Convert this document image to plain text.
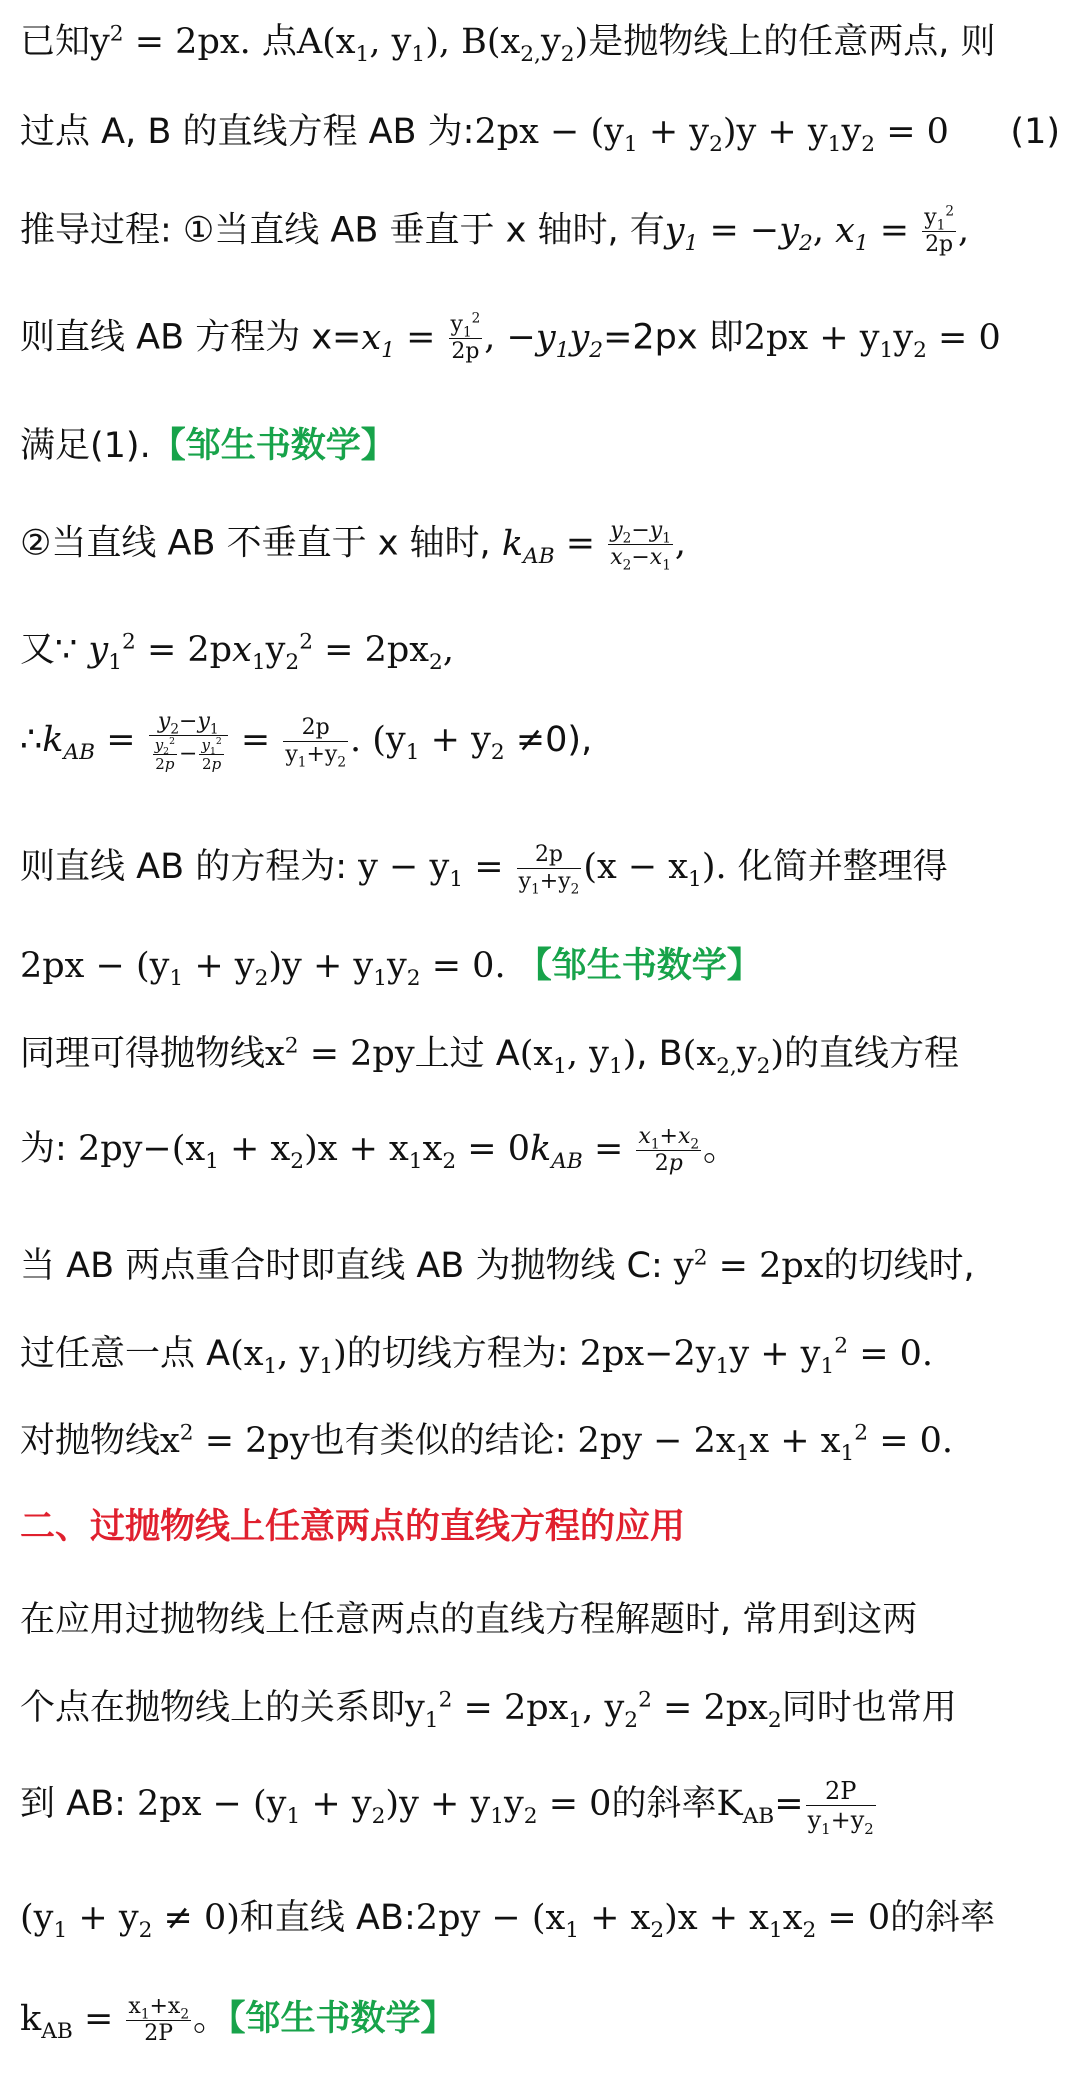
已知$y^2 = 2px$. 点$A(x_1$, $y_1$), $B(x_{2,}y_2)$是抛物线上的任意两点, 则
过点 A, B 的直线方程 AB 为:2px − $(y_1 + y_2)y + y_1y_2 = 0$ (1)
推导过程: ①当直线 AB 垂直于 x 轴时, 有$y_1 = -y_2$, $x_1 = \frac{y_1^2}{2p}$ ,
则直线 AB 方程为 $x=x_1 = \frac{y_1^2}{2p}$ , $-y_1y_2=2px$ 即$2px + y_1y_2 = 0$
满足(1).【邹生书数学】
②当直线 AB 不垂直于 x 轴时, $k_{AB} = \frac{y_2-y_1}{x_2-x_1}$ ,
又∵ $y_1^2 = 2px_1y_2^2 = 2px_2$,
$\therefore k_{AB} = \frac{y_2-y_1}{\frac{y_2^2}{2p} - \frac{y_1^2}{2p}} = \frac{2p}{y_1+y_2}$ . $(y_1 + y_2 \ne 0)$,
则直线 AB 的方程为: $y - y_1 = \frac{2p}{y_1+y_2} (x - x_1)$. 化简并整理得
$2px - (y_1 + y_2)y + y_1y_2 = 0$. 【邹生书数学】
同理可得抛物线$x^2 = 2py$上过 $A(x_1$, $y_1$), $B(x_{2,}y_2)$的直线方程
为: $2py-(x_1 + x_2)x + x_1x_2 = 0k_{AB} = \frac{x_1+x_2}{2p}$ 。
当 AB 两点重合时即直线 AB 为抛物线 C: $y^2 = 2px$的切线时,
过任意一点 $A(x_1$, $y_1$)的切线方程为: $2px-2y_1y + y_1^2 = 0$.
对抛物线$x^2 = 2py$也有类似的结论: $2py - 2x_1x + x_1^2 = 0$.
二、过抛物线上任意两点的直线方程的应用
在应用过抛物线上任意两点的直线方程解题时, 常用到这两
个点在抛物线上的关系即$y_1^2 = 2px_1$, $y_2^2 = 2px_2$同时也常用
到 AB: $2px - (y_1 + y_2)y + y_1y_2 = 0$的斜率$K_{AB}= \frac{2P}{y_1+y_2}$
$(y_1 + y_2 \ne 0)$和直线 AB:2py − $(x_1 + x_2)x + x_1x_2 = 0$的斜率
$k_{AB} = \frac{x_1+x_2}{2P}$ 。【邹生书数学】
